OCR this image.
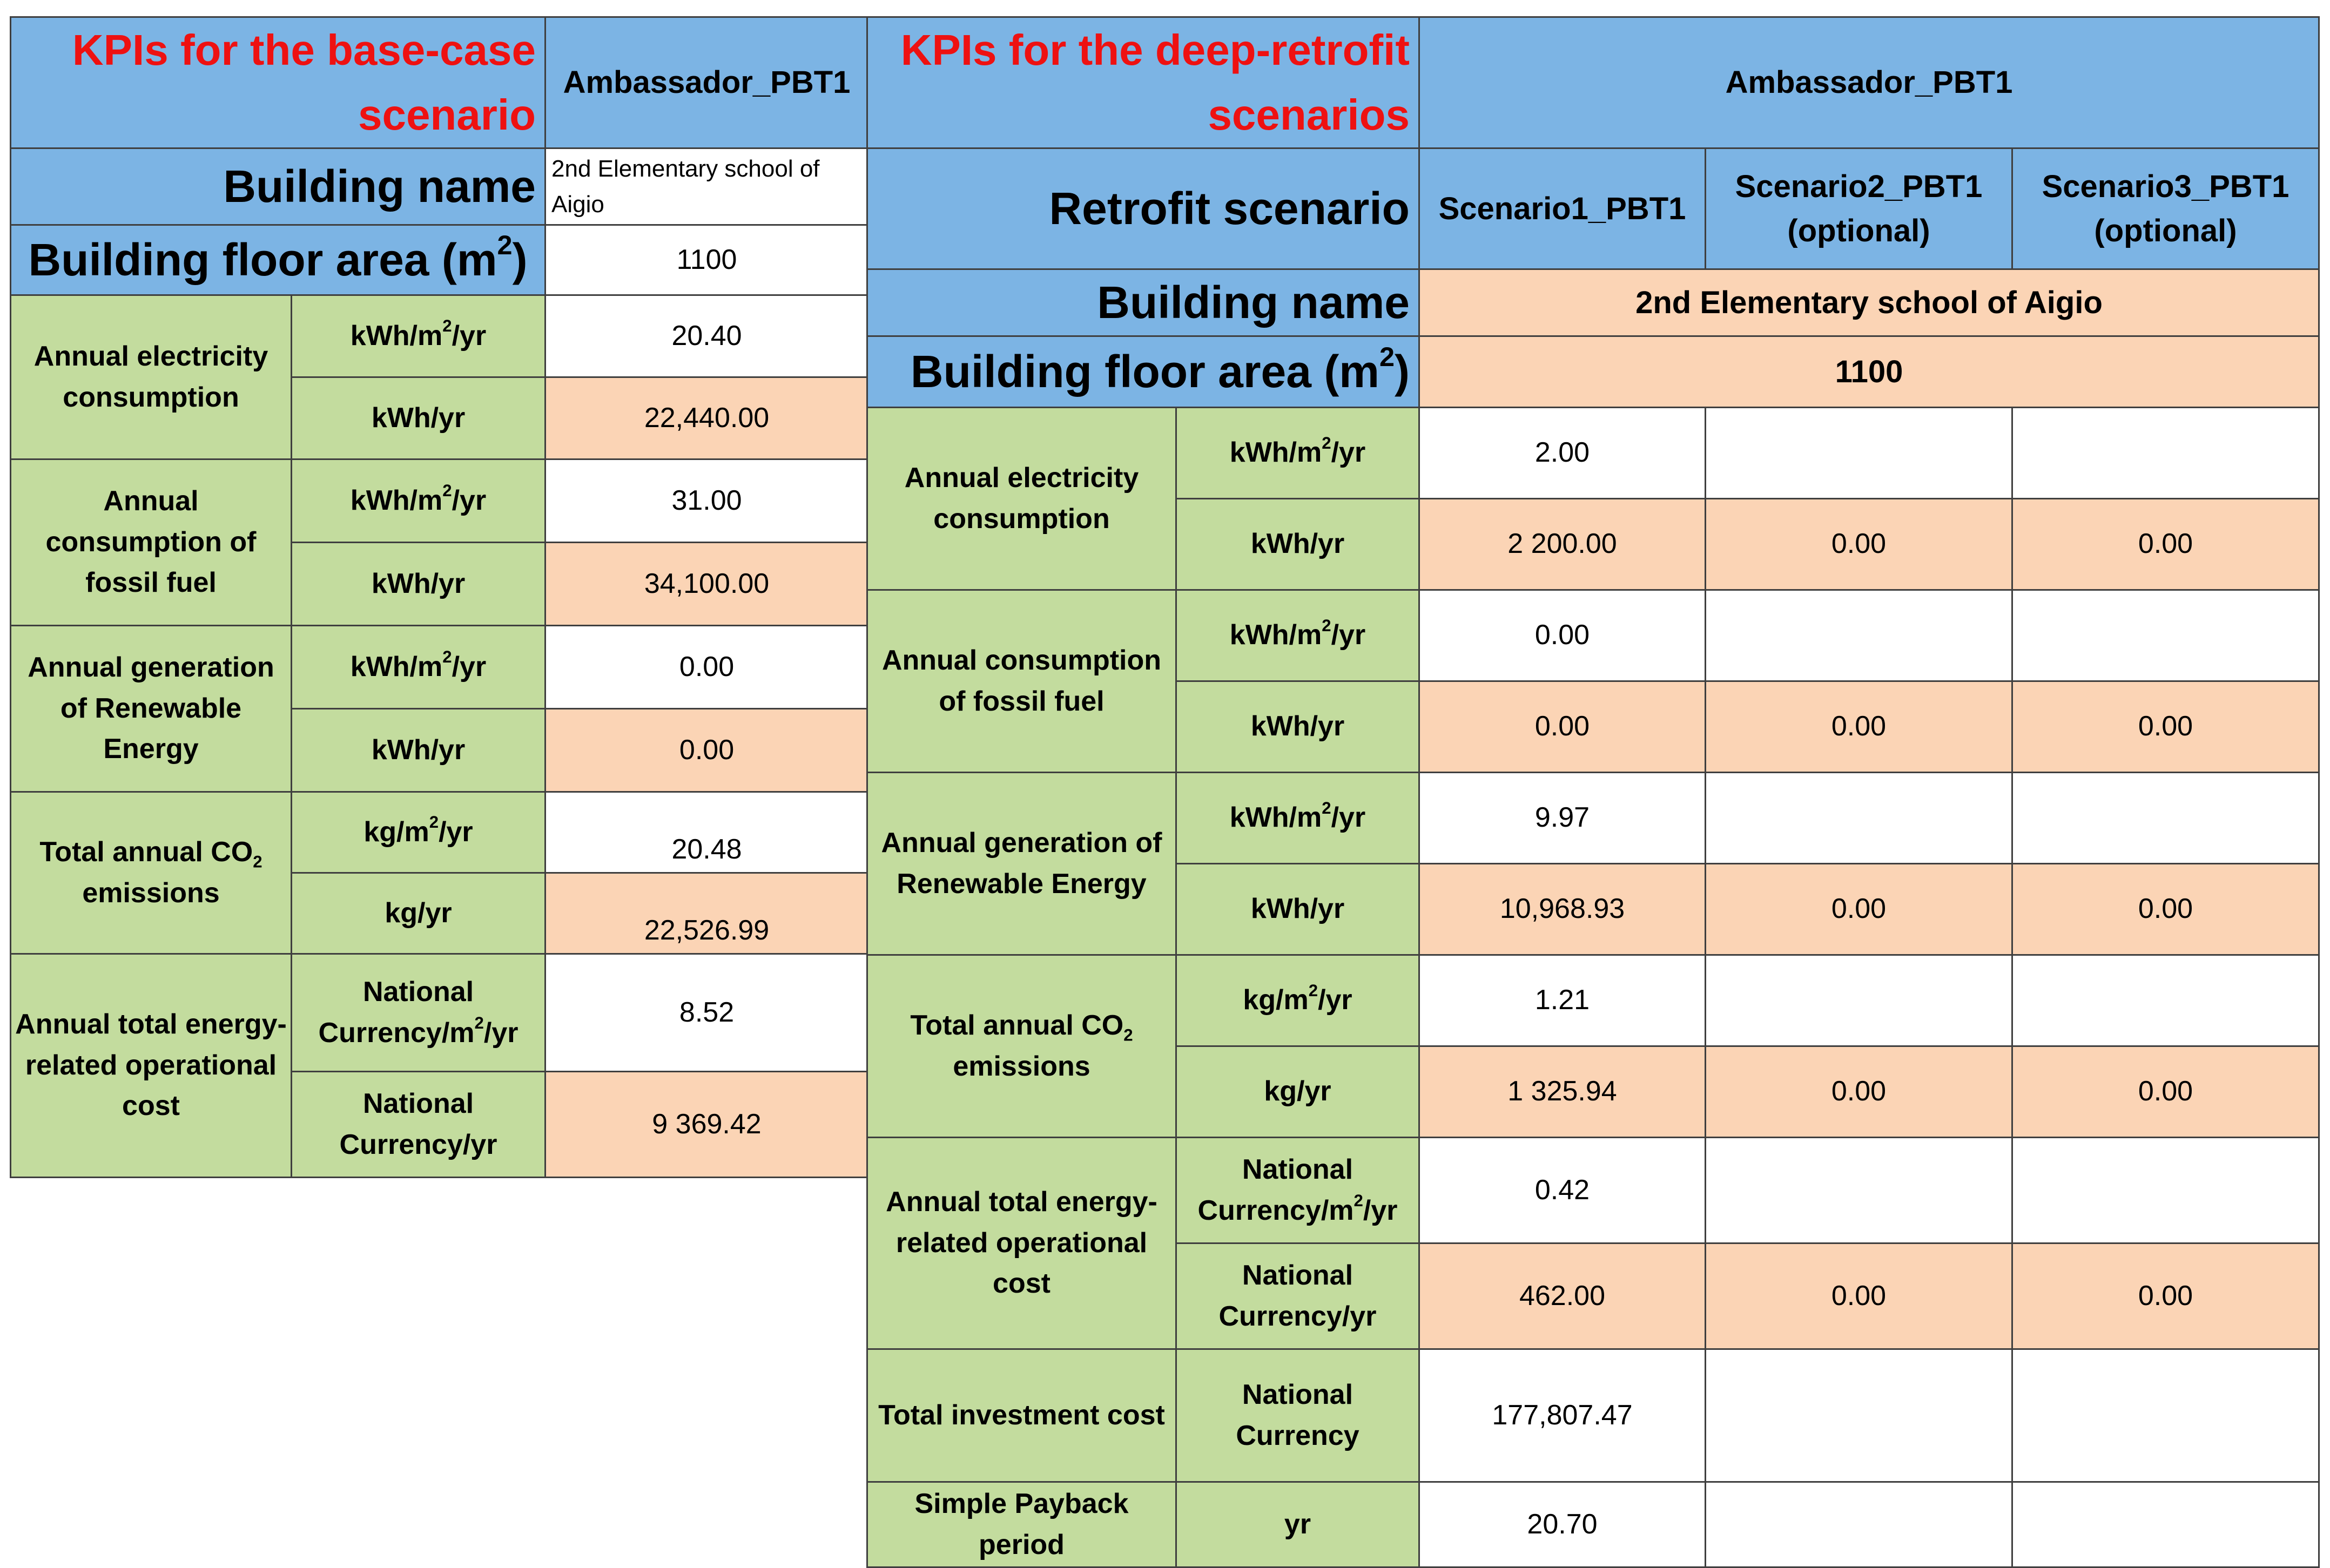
KPIs for the base-case scenario		Ambassador_PBT1
Building name		2nd Elementary school of Aigio
Building floor area $(m^2)$		1100
Annual electricity consumption	kWh/$m^2/yr$	20.40
	kWh/yr	22,440.00
Annual consumption of fossil fuel	kWh/$m^2/yr$	31.00
	kWh/yr	34,100.00
Annual generation of Renewable Energy	kWh/$m^2/yr$	0.00
	kWh/yr	0.00
Total annual $CO_2$ emissions	$kg/m^2/yr$	20.48
	kg/yr	22,526.99
Annual total energy-related operational cost	National Currency/$m^2/yr$	8.52
	National Currency/yr	9 369.42
KPIs for the deep-retrofit scenarios		Ambassador_PBT1		
Retrofit scenario		Scenario1_PBT1	Scenario2_PBT1 (optional)	Scenario3_PBT1 (optional)
Building name		2nd Elementary school of Aigio		
Building floor area $(m^2)$		1100		
Annual electricity consumption	kWh/$m^2/yr$	2.00		
	kWh/yr	2 200.00	0.00	0.00
Annual consumption of fossil fuel	kWh/$m^2/yr$	0.00		
	kWh/yr	0.00	0.00	0.00
Annual generation of Renewable Energy	kWh/$m^2/yr$	9.97		
	kWh/yr	10,968.93	0.00	0.00
Total annual $CO_2$ emissions	$kg/m^2/yr$	1.21		
	kg/yr	1 325.94	0.00	0.00
Annual total energy-related operational cost	National Currency/$m^2/yr$	0.42		
	National Currency/yr	462.00	0.00	0.00
Total investment cost	National Currency	177,807.47		
Simple Payback period	yr	20.70		
